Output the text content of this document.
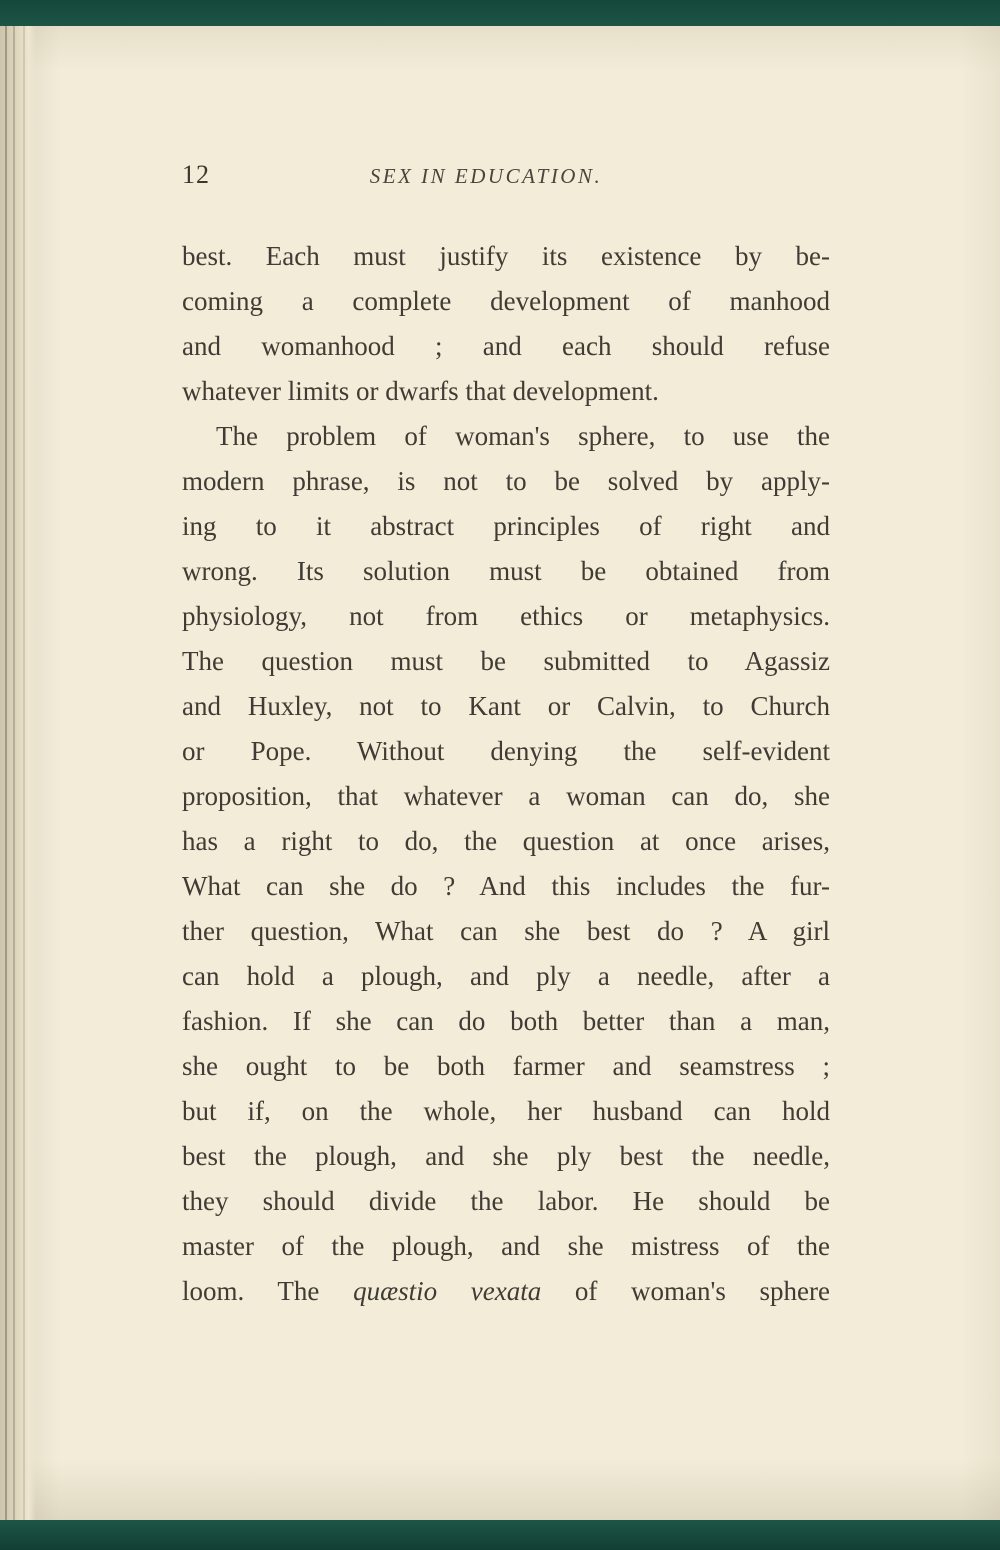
12	SEX IN EDUCATION.
best. Each must justify its existence by be-
coming a complete development of manhood
and womanhood ; and each should refuse
whatever limits or dwarfs that development.
The problem of woman's sphere, to use the
modern phrase, is not to be solved by apply-
ing to it abstract principles of right and
wrong. Its solution must be obtained from
physiology, not from ethics or metaphysics.
The question must be submitted to Agassiz
and Huxley, not to Kant or Calvin, to Church
or Pope. Without denying the self-evident
proposition, that whatever a woman can do, she
has a right to do, the question at once arises,
What can she do ? And this includes the fur-
ther question, What can she best do ? A girl
can hold a plough, and ply a needle, after a
fashion. If she can do both better than a man,
she ought to be both farmer and seamstress ;
but if, on the whole, her husband can hold
best the plough, and she ply best the needle,
they should divide the labor. He should be
master of the plough, and she mistress of the
loom. The quæstio vexata of woman's sphere
